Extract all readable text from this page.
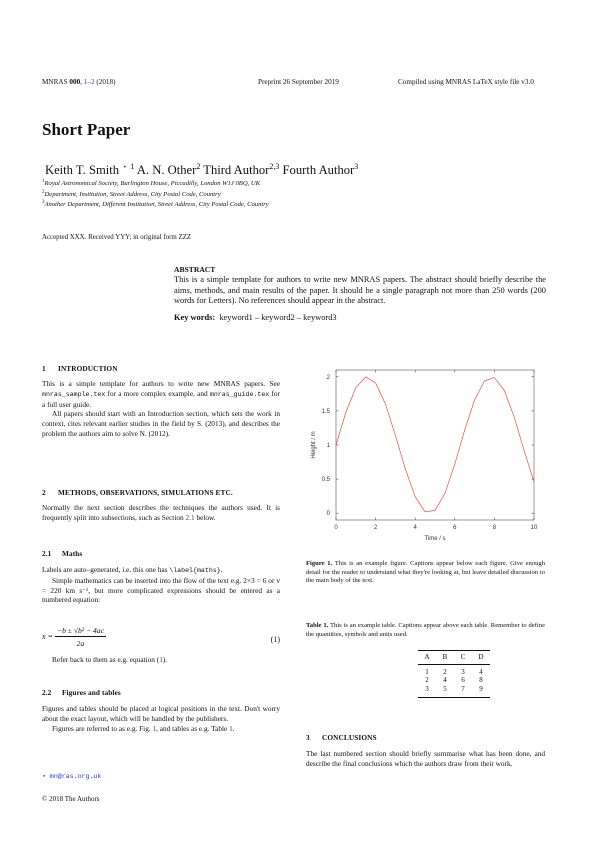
MNRAS 000, 1–2 (2018)	Preprint 26 September 2019	Compiled using MNRAS LaTeX style file v3.0
Short Paper
Keith T. Smith ⋆ $^1$ A. N. Other$^2$ Third Author$^{2,3}$ Fourth Author$^3$
$^1$Royal Astronomical Society, Burlington House, Piccadilly, London W1J 0BQ, UK
$^2$Department, Institution, Street Address, City Postal Code, Country
$^3$Another Department, Different Institution, Street Address, City Postal Code, Country
Accepted XXX. Received YYY; in original form ZZZ
ABSTRACT

This is a simple template for authors to write new MNRAS papers. The abstract should briefly describe the aims, methods, and main results of the paper. It should be a single paragraph not more than 250 words (200 words for Letters). No references should appear in the abstract.

Key words: keyword1 – keyword2 – keyword3
1 INTRODUCTION

This is a simple template for authors to write new MNRAS papers. See mnras_sample.tex for a more complex example, and mnras_guide.tex for a full user guide.

All papers should start with an Introduction section, which sets the work in context, cites relevant earlier studies in the field by S. (2013), and describes the problem the authors aim to solve N. (2012).

2 METHODS, OBSERVATIONS, SIMULATIONS ETC.

Normally the next section describes the techniques the authors used. It is frequently split into subsections, such as Section 2.1 below.

2.1 Maths

Labels are auto–generated, i.e. this one has \label{maths}.

Simple mathematics can be inserted into the flow of the text e.g. 2×3 = 6 or v = 220 km s⁻¹, but more complicated expressions should be entered as a numbered equation:

$x = \frac{\text{−b ± √b² − 4ac}}{2a}$	(1)

Refer back to them as e.g. equation (1).

2.2 Figures and tables

Figures and tables should be placed at logical positions in the text. Don't worry about the exact layout, which will be handled by the publishers.

Figures are referred to as e.g. Fig. 1, and tables as e.g. Table 1.

⋆ mn@ras.org.uk
© 2018 The Authors
0	2	4	6	8	10
0
0.5
1
1.5
2
Time / s
Height / m
Figure 1. This is an example figure. Captions appear below each figure. Give enough detail for the reader to understand what they're looking at, but leave detailed discussion to the main body of the text.
Table 1. This is an example table. Captions appear above each table. Remember to define the quantities, symbols and units used.
A	B	C	D
1	2	3	4
2	4	6	8
3	5	7	9
3 CONCLUSIONS

The last numbered section should briefly summarise what has been done, and describe the final conclusions which the authors draw from their work.
